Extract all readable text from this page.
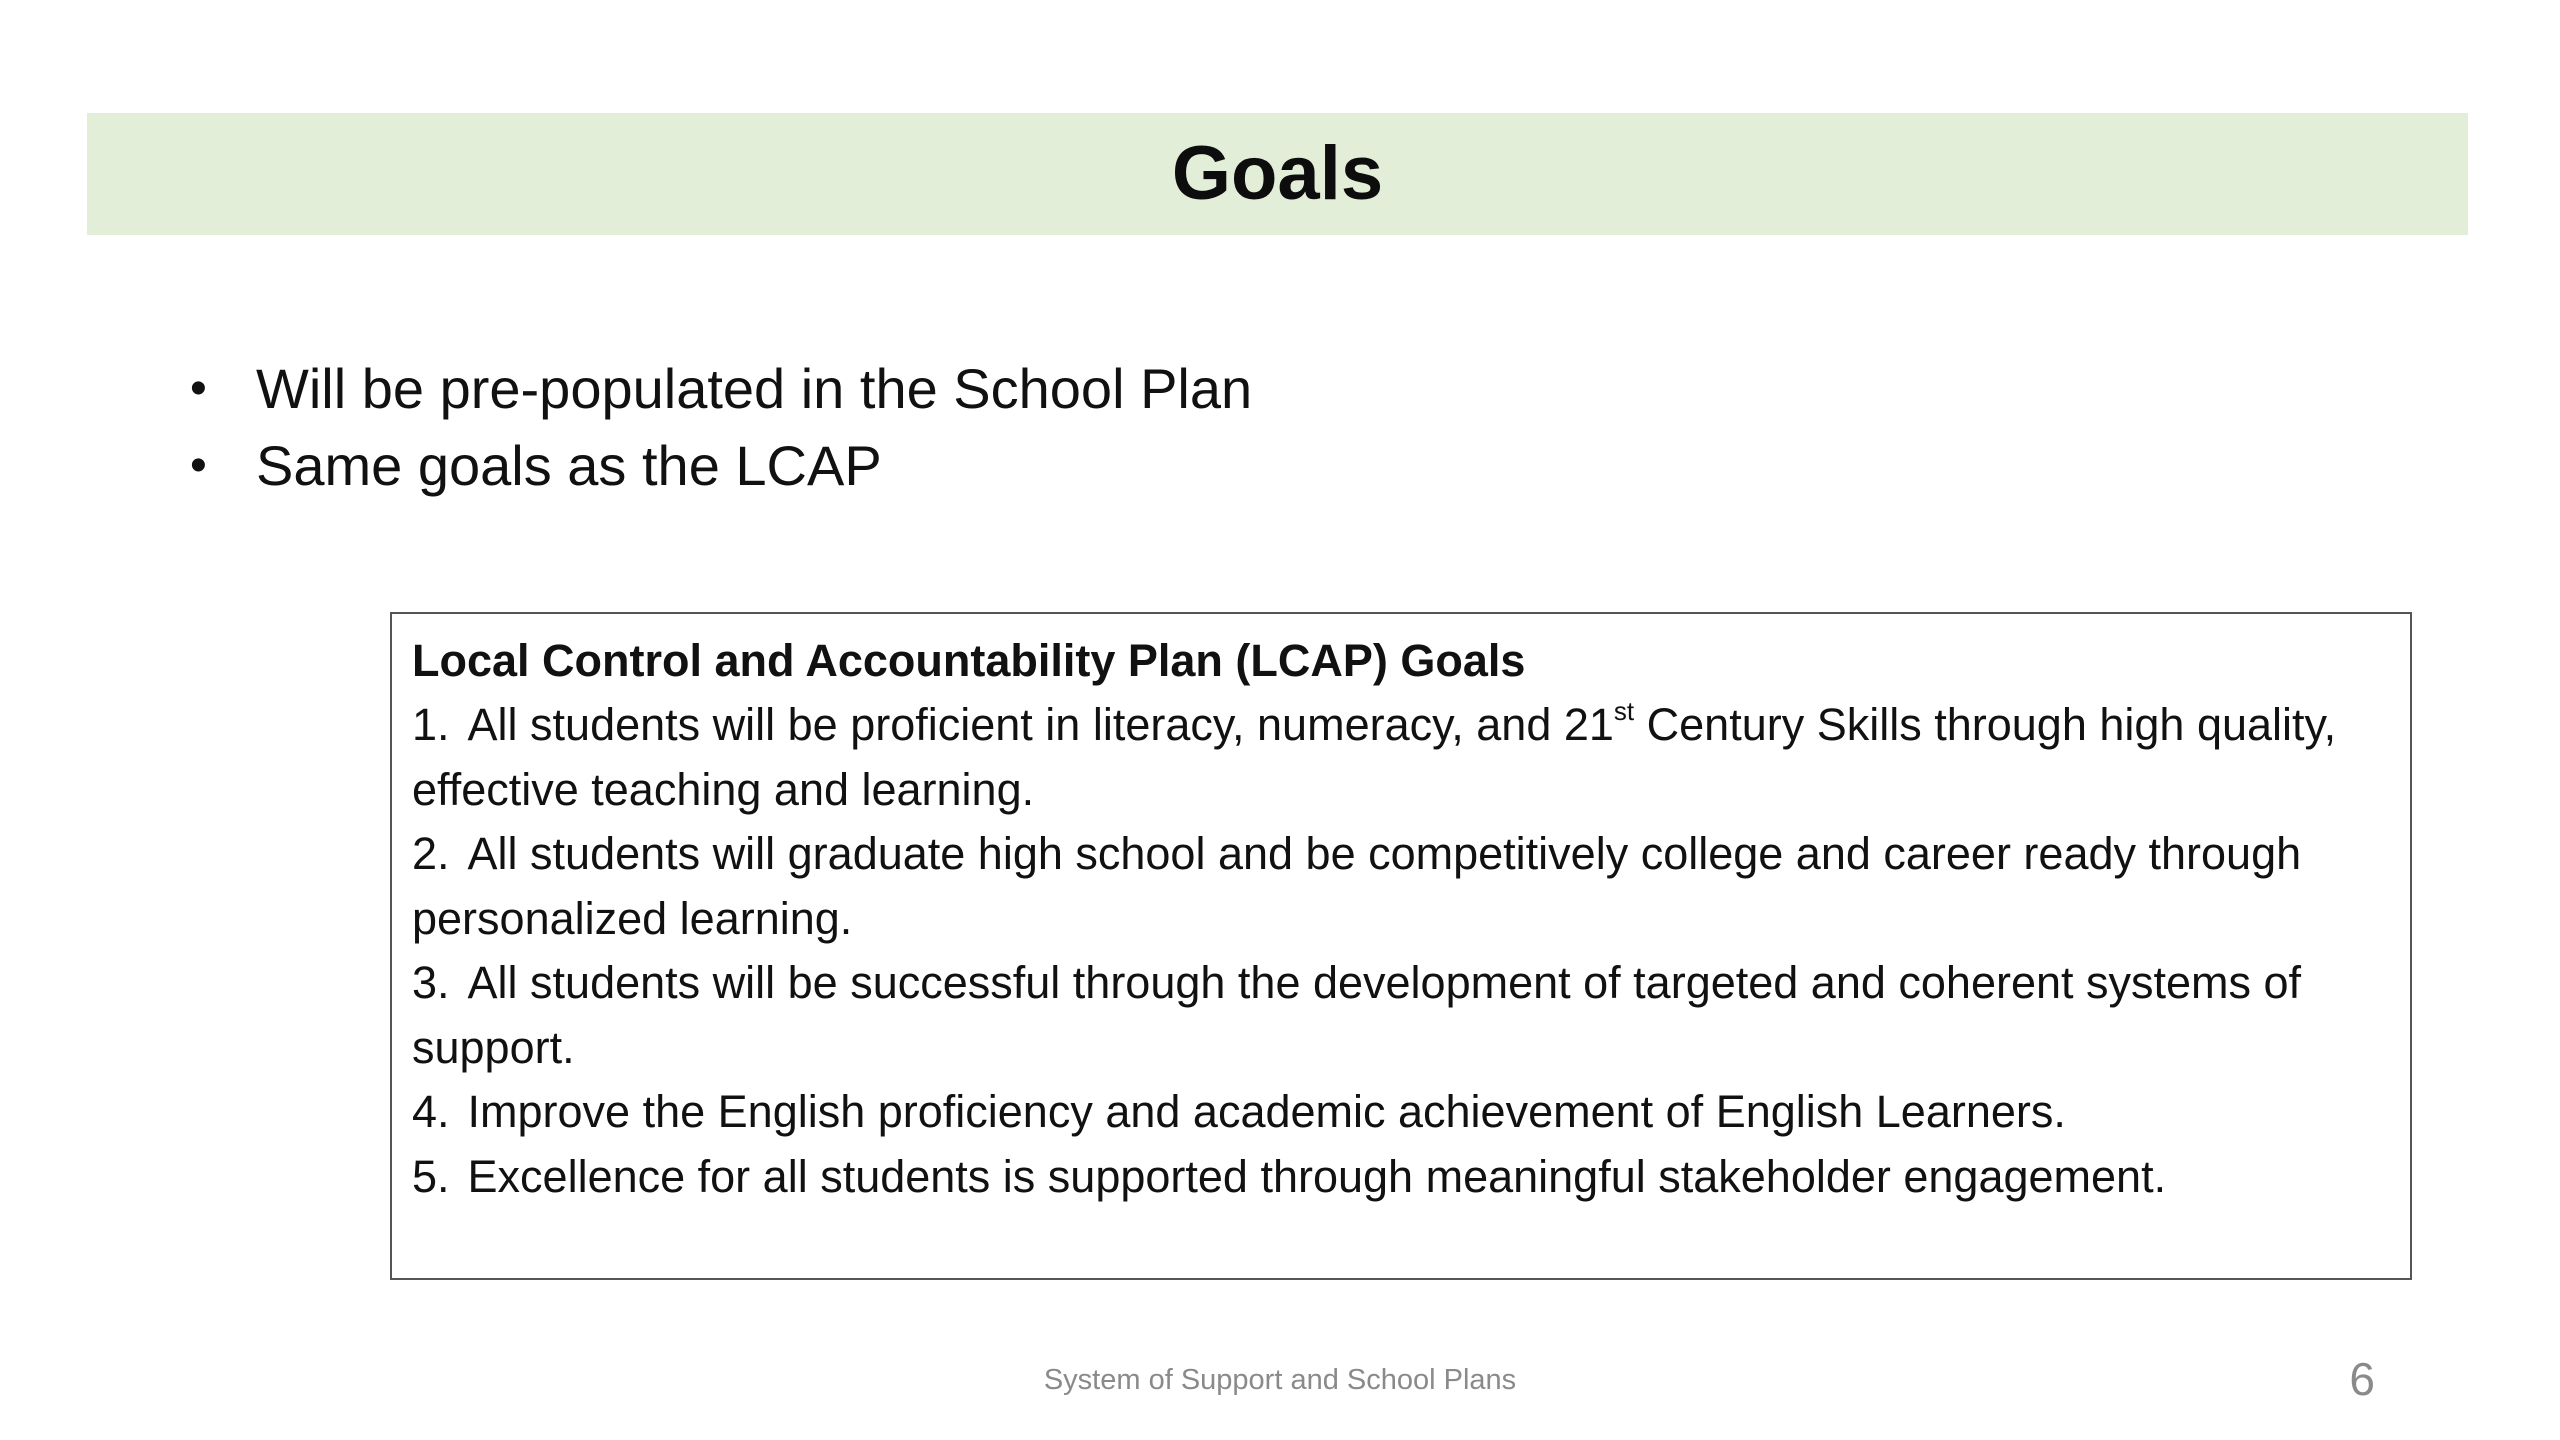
Goals
• Will be pre-populated in the School Plan
• Same goals as the LCAP
Local Control and Accountability Plan (LCAP) Goals
1. All students will be proficient in literacy, numeracy, and 21st Century Skills through high quality, effective teaching and learning.
2. All students will graduate high school and be competitively college and career ready through personalized learning.
3. All students will be successful through the development of targeted and coherent systems of support.
4. Improve the English proficiency and academic achievement of English Learners.
5. Excellence for all students is supported through meaningful stakeholder engagement.
System of Support and School Plans	6
